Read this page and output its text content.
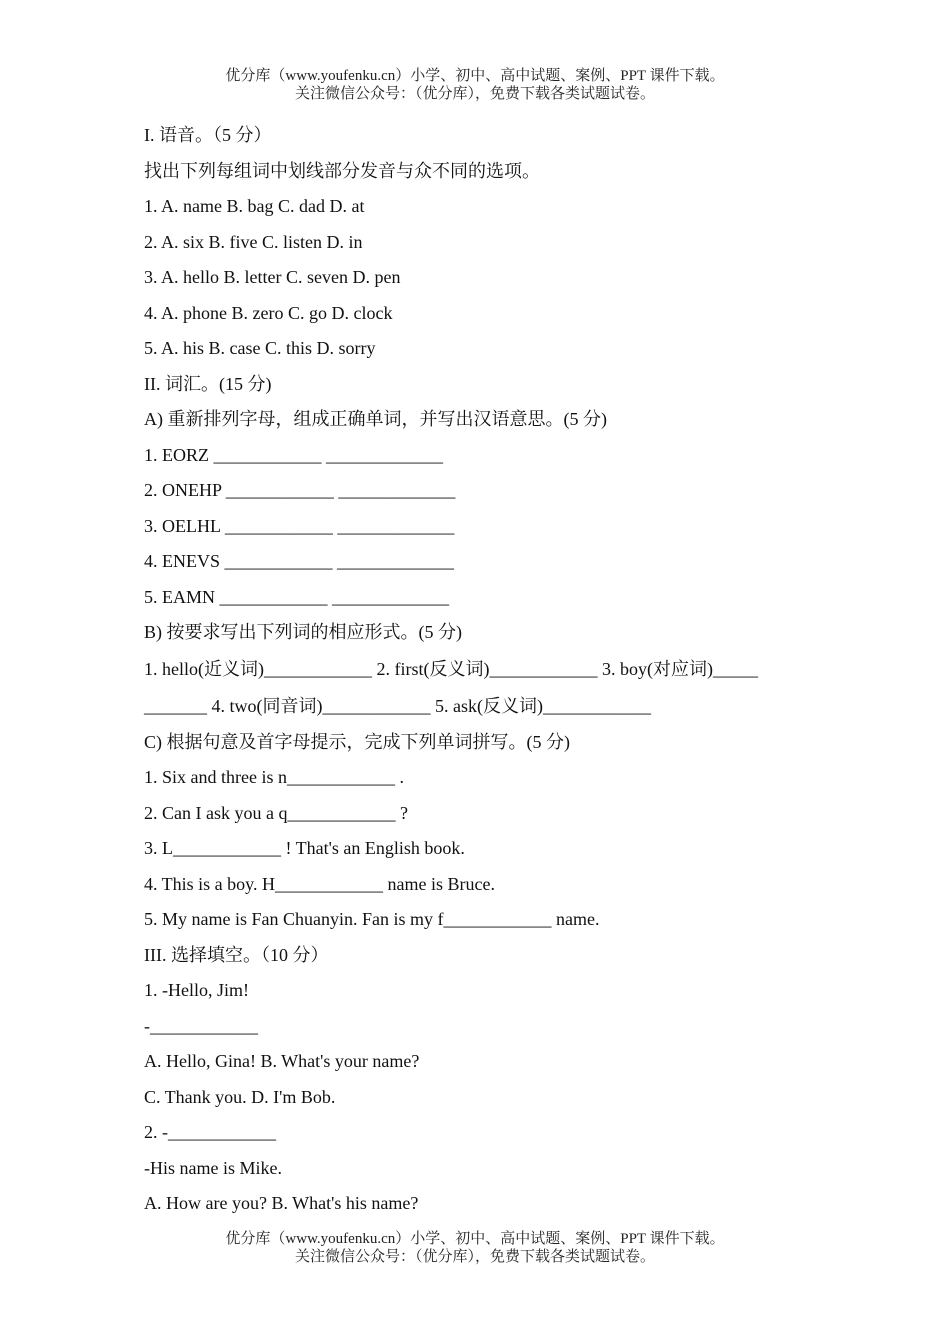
优分库（www.youfenku.cn）小学、初中、高中试题、案例、PPT 课件下载。
关注微信公众号：（优分库），免费下载各类试题试卷。
I. 语音。（5 分）
找出下列每组词中划线部分发音与众不同的选项。
1. A. name B. bag C. dad D. at
2. A. six B. five C. listen D. in
3. A. hello B. letter C. seven D. pen
4. A. phone B. zero C. go D. clock
5. A. his B. case C. this D. sorry
II. 词汇。(15 分)
A) 重新排列字母，组成正确单词，并写出汉语意思。(5 分)
1. EORZ ____________ _____________
2. ONEHP ____________ _____________
3. OELHL ____________ _____________
4. ENEVS ____________ _____________
5. EAMN ____________ _____________
B) 按要求写出下列词的相应形式。(5 分)
1. hello(近义词)____________ 2. first(反义词)____________ 3. boy(对应词)_____
_______ 4. two(同音词)____________ 5. ask(反义词)____________
C) 根据句意及首字母提示，完成下列单词拼写。(5 分)
1. Six and three is n____________ .
2. Can I ask you a q____________ ?
3. L____________ ! That's an English book.
4. This is a boy. H____________ name is Bruce.
5. My name is Fan Chuanyin. Fan is my f____________ name.
III. 选择填空。（10 分）
1. -Hello, Jim!
-____________
A. Hello, Gina! B. What's your name?
C. Thank you. D. I'm Bob.
2. -____________
-His name is Mike.
A. How are you? B. What's his name?
优分库（www.youfenku.cn）小学、初中、高中试题、案例、PPT 课件下载。
关注微信公众号：（优分库），免费下载各类试题试卷。
